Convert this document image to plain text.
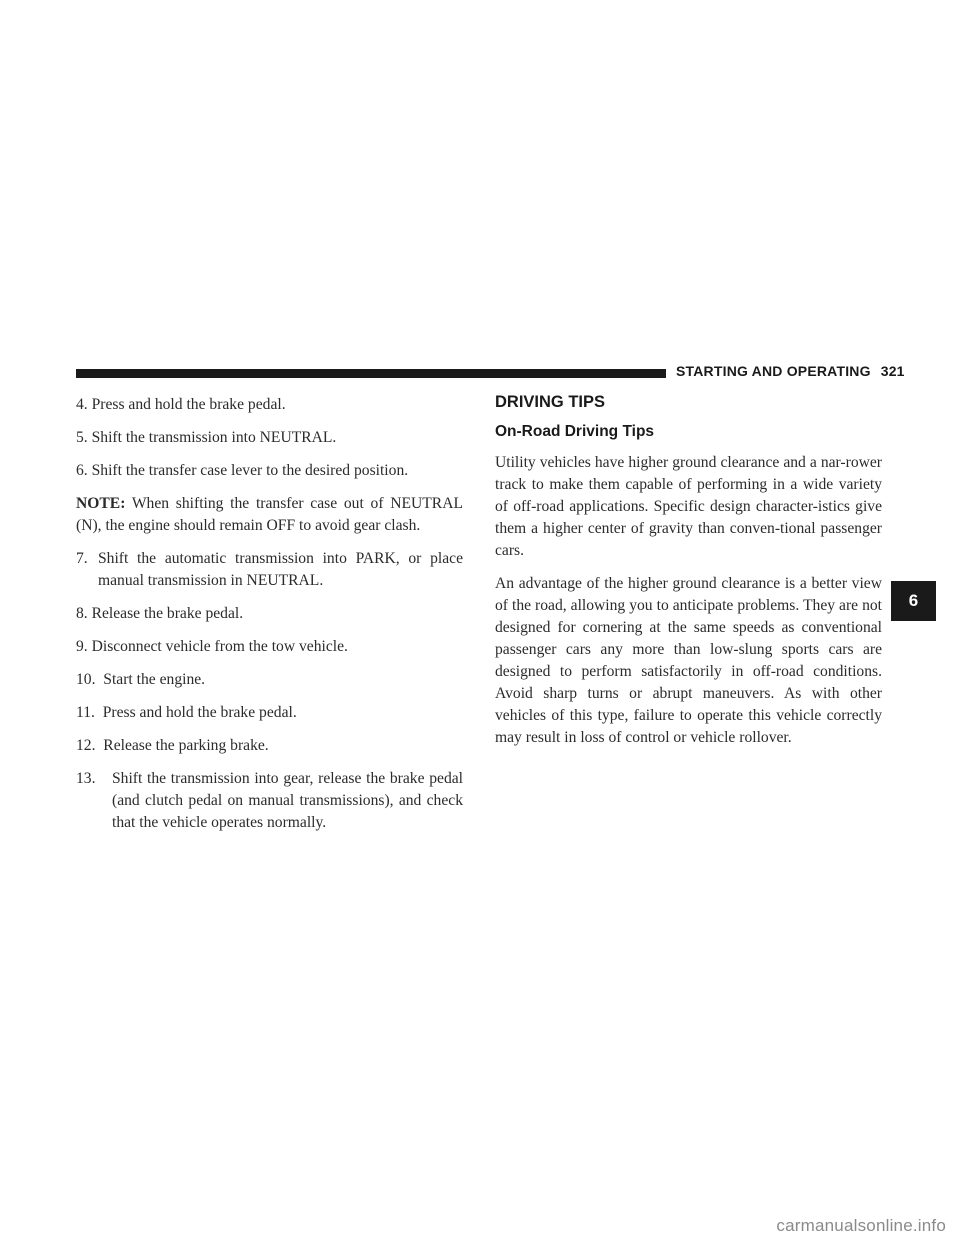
STARTING AND OPERATING 321
4. Press and hold the brake pedal.
5. Shift the transmission into NEUTRAL.
6. Shift the transfer case lever to the desired position.

NOTE: When shifting the transfer case out of NEUTRAL (N), the engine should remain OFF to avoid gear clash.

7. Shift the automatic transmission into PARK, or place manual transmission in NEUTRAL.
8. Release the brake pedal.
9. Disconnect vehicle from the tow vehicle.
10. Start the engine.
11. Press and hold the brake pedal.
12. Release the parking brake.
13. Shift the transmission into gear, release the brake pedal (and clutch pedal on manual transmissions), and check that the vehicle operates normally.
DRIVING TIPS
On-Road Driving Tips

Utility vehicles have higher ground clearance and a nar-rower track to make them capable of performing in a wide variety of off-road applications. Specific design character-istics give them a higher center of gravity than conven-tional passenger cars.

An advantage of the higher ground clearance is a better view of the road, allowing you to anticipate problems. They are not designed for cornering at the same speeds as conventional passenger cars any more than low-slung sports cars are designed to perform satisfactorily in off-road conditions. Avoid sharp turns or abrupt maneuvers. As with other vehicles of this type, failure to operate this vehicle correctly may result in loss of control or vehicle rollover.

6
carmanualsonline.info
